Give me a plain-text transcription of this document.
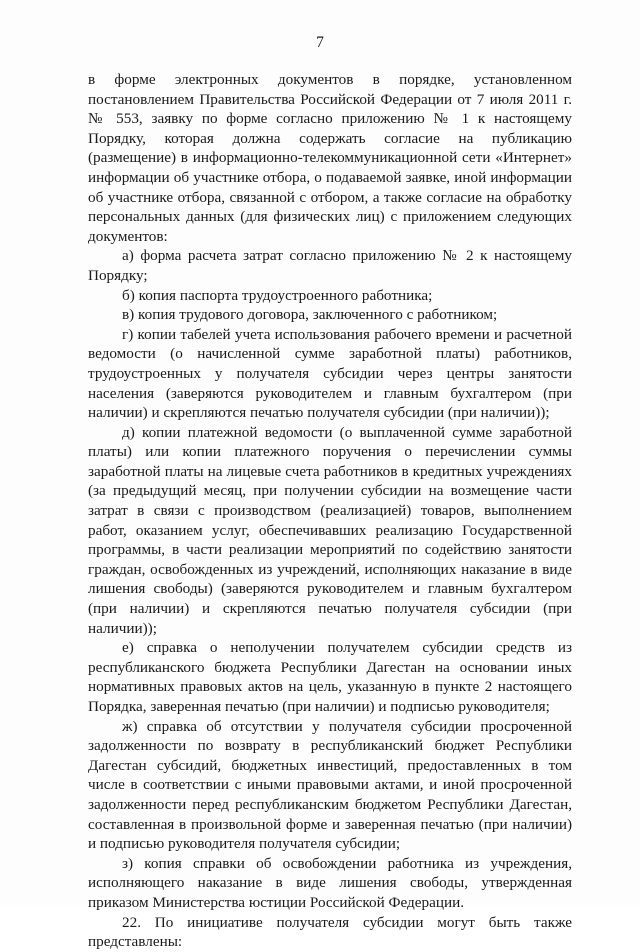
7

в форме электронных документов в порядке, установленном постановлением Правительства Российской Федерации от 7 июля 2011 г. № 553, заявку по форме согласно приложению № 1 к настоящему Порядку, которая должна содержать согласие на публикацию (размещение) в информационно-телекоммуникационной сети «Интернет» информации об участнике отбора, о подаваемой заявке, иной информации об участнике отбора, связанной с отбором, а также согласие на обработку персональных данных (для физических лиц) с приложением следующих документов:

а) форма расчета затрат согласно приложению № 2 к настоящему Порядку;

б) копия паспорта трудоустроенного работника;

в) копия трудового договора, заключенного с работником;

г) копии табелей учета использования рабочего времени и расчетной ведомости (о начисленной сумме заработной платы) работников, трудоустроенных у получателя субсидии через центры занятости населения (заверяются руководителем и главным бухгалтером (при наличии) и скрепляются печатью получателя субсидии (при наличии));

д) копии платежной ведомости (о выплаченной сумме заработной платы) или копии платежного поручения о перечислении суммы заработной платы на лицевые счета работников в кредитных учреждениях (за предыдущий месяц, при получении субсидии на возмещение части затрат в связи с производством (реализацией) товаров, выполнением работ, оказанием услуг, обеспечивавших реализацию Государственной программы, в части реализации мероприятий по содействию занятости граждан, освобожденных из учреждений, исполняющих наказание в виде лишения свободы) (заверяются руководителем и главным бухгалтером (при наличии) и скрепляются печатью получателя субсидии (при наличии));

е) справка о неполучении получателем субсидии средств из республиканского бюджета Республики Дагестан на основании иных нормативных правовых актов на цель, указанную в пункте 2 настоящего Порядка, заверенная печатью (при наличии) и подписью руководителя;

ж) справка об отсутствии у получателя субсидии просроченной задолженности по возврату в республиканский бюджет Республики Дагестан субсидий, бюджетных инвестиций, предоставленных в том числе в соответствии с иными правовыми актами, и иной просроченной задолженности перед республиканским бюджетом Республики Дагестан, составленная в произвольной форме и заверенная печатью (при наличии) и подписью руководителя получателя субсидии;

з) копия справки об освобождении работника из учреждения, исполняющего наказание в виде лишения свободы, утвержденная приказом Министерства юстиции Российской Федерации.

22. По инициативе получателя субсидии могут быть также представлены:
